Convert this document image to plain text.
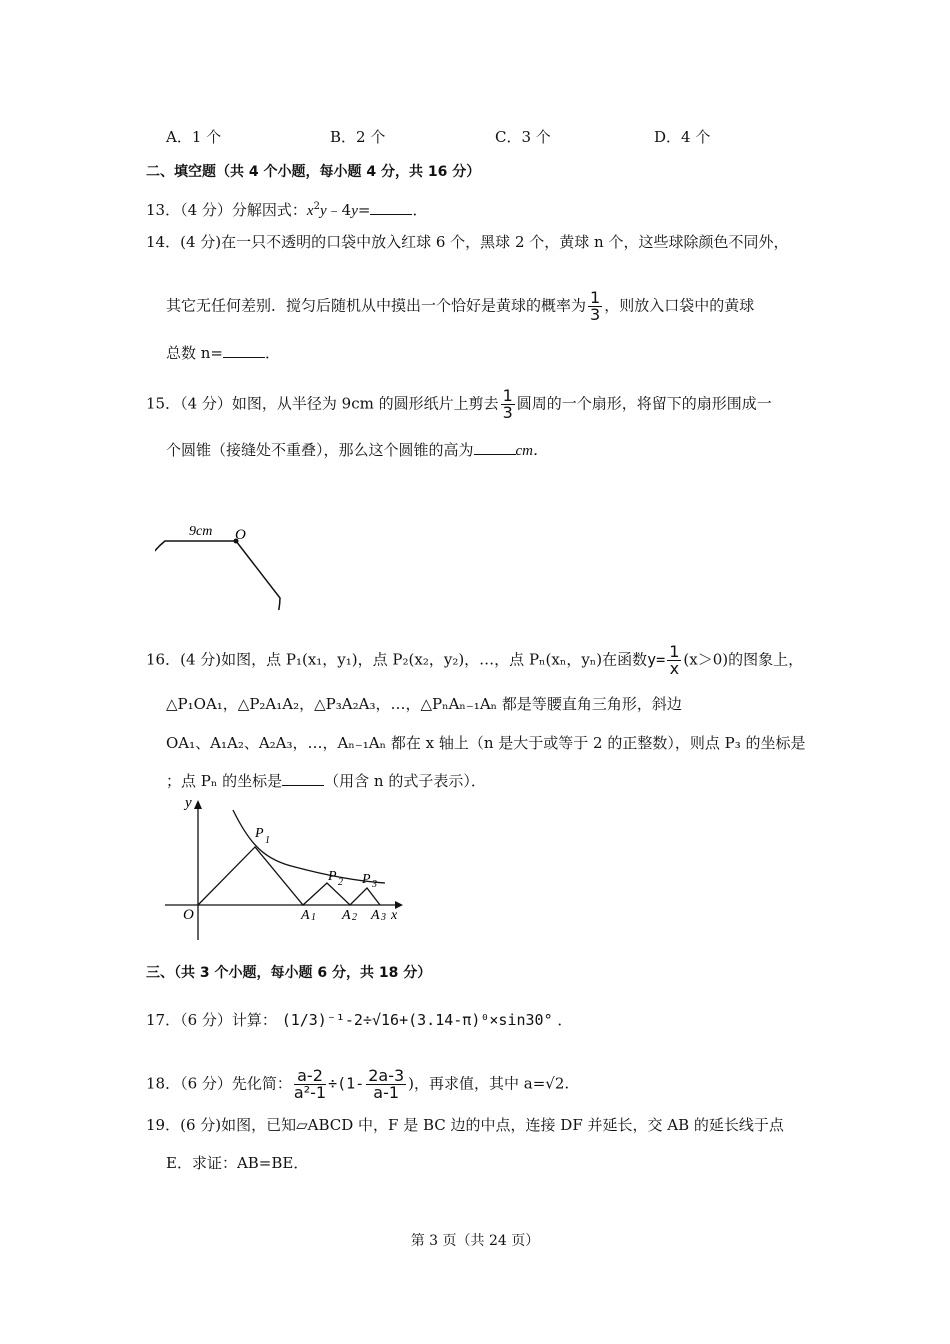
A．1 个	B．2 个	C．3 个	D．4 个
二、填空题（共 4 个小题，每小题 4 分，共 16 分）
13．（4 分）分解因式：$x^2y﹣4y=$	．
14．(4 分)在一只不透明的口袋中放入红球 6 个，黑球 2 个，黄球 n 个，这些球除颜色不同外，
其它无任何差别．搅匀后随机从中摸出一个恰好是黄球的概率为 $\frac{1}{3}$ ，则放入口袋中的黄球
总数 n=	．
15．（4 分）如图，从半径为 9cm 的圆形纸片上剪去 $\frac{1}{3}$ 圆周的一个扇形，将留下的扇形围成一
个圆锥（接缝处不重叠），那么这个圆锥的高为	cm．
9cm O
16．(4 分)如图，点 P₁(x₁，y₁)，点 P₂(x₂，y₂)，…，点 Pₙ(xₙ，yₙ)在函数$y= \frac{1}{x} (x>0)$的图象上，
△P₁OA₁，△P₂A₁A₂，△P₃A₂A₃，…，△PₙAₙ₋₁Aₙ 都是等腰直角三角形，斜边
OA₁、A₁A₂、A₂A₃，…，Aₙ₋₁Aₙ 都在 x 轴上（n 是大于或等于 2 的正整数），则点 P₃ 的坐标是
；点 Pₙ 的坐标是	（用含 n 的式子表示）．
y
x
O
P 1
P 2 P 3
A 1 A 2 A 3
三、（共 3 个小题，每小题 6 分，共 18 分）
17．（6 分）计算： (1/3)⁻¹-2÷√16+(3.14-π)⁰×sin30° ．
18．（6 分）先化简： $\frac{a-2}{\text{a²-1}} \div(1- \frac{2a-3}{a-1}$ )，再求值，其中 a=√2.
19．(6 分)如图，已知▱ABCD 中，F 是 BC 边的中点，连接 DF 并延长，交 AB 的延长线于点
E．求证：AB=BE．
第 3 页（共 24 页）
